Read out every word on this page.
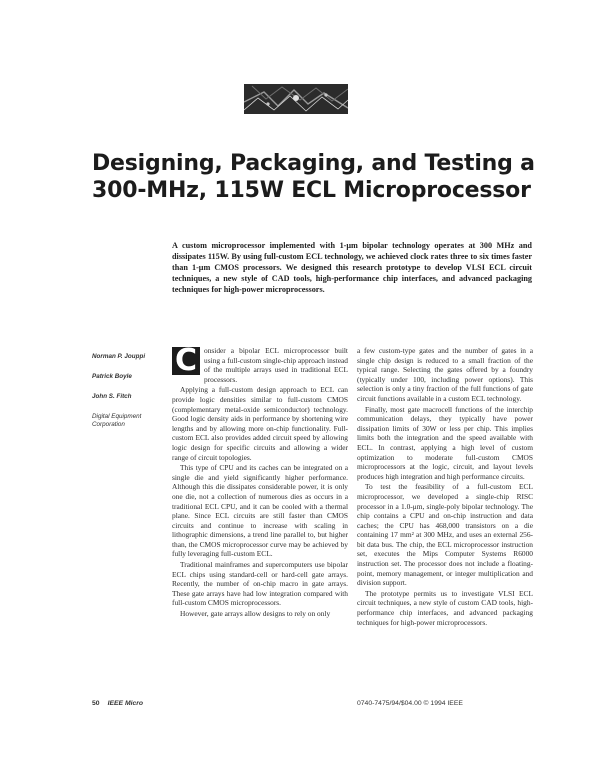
Designing, Packaging, and Testing a
300-MHz, 115W ECL Microprocessor
A custom microprocessor implemented with 1-μm bipolar technology operates at 300 MHz and dissipates 115W. By using full-custom ECL technology, we achieved clock rates three to six times faster than 1-μm CMOS processors. We designed this research prototype to develop VLSI ECL circuit techniques, a new style of CAD tools, high-performance chip interfaces, and advanced packaging techniques for high-power microprocessors.
Norman P. Jouppi
Patrick Boyle
John S. Fitch
Digital Equipment Corporation

C onsider a bipolar ECL microprocessor built using a full-custom single-chip approach instead of the multiple arrays used in traditional ECL processors.

Applying a full-custom design approach to ECL can provide logic densities similar to full-custom CMOS (complementary metal-oxide semiconductor) technology. Good logic density aids in performance by shortening wire lengths and by allowing more on-chip functionality. Full-custom ECL also provides added circuit speed by allowing logic design for specific circuits and allowing a wider range of circuit topologies.

This type of CPU and its caches can be integrated on a single die and yield significantly higher performance. Although this die dissipates considerable power, it is only one die, not a collection of numerous dies as occurs in a traditional ECL CPU, and it can be cooled with a thermal plane. Since ECL circuits are still faster than CMOS circuits and continue to increase with scaling in lithographic dimensions, a trend line parallel to, but higher than, the CMOS microprocessor curve may be achieved by fully leveraging full-custom ECL.

Traditional mainframes and supercomputers use bipolar ECL chips using standard-cell or hard-cell gate arrays. Recently, the number of on-chip macro in gate arrays. These gate arrays have had low integration compared with full-custom CMOS microprocessors.

However, gate arrays allow designs to rely on only

a few custom-type gates and the number of gates in a single chip design is reduced to a small fraction of the typical range. Selecting the gates offered by a foundry (typically under 100, including power options). This selection is only a tiny fraction of the full functions of gate circuit functions available in a custom ECL technology.

Finally, most gate macrocell functions of the interchip communication delays, they typically have power dissipation limits of 30W or less per chip. This implies limits both the integration and the speed available with ECL. In contrast, applying a high level of custom optimization to moderate full-custom CMOS microprocessors at the logic, circuit, and layout levels produces high integration and high performance circuits.

To test the feasibility of a full-custom ECL microprocessor, we developed a single-chip RISC processor in a 1.0-μm, single-poly bipolar technology. The chip contains a CPU and on-chip instruction and data caches; the CPU has 468,000 transistors on a die containing 17 mm² at 300 MHz, and uses an external 256-bit data bus. The chip, the ECL microprocessor instruction set, executes the Mips Computer Systems R6000 instruction set. The processor does not include a floating-point, memory management, or integer multiplication and division support.

The prototype permits us to investigate VLSI ECL circuit techniques, a new style of custom CAD tools, high-performance chip interfaces, and advanced packaging techniques for high-power microprocessors.

50 IEEE Micro	0740-7475/94/$04.00 © 1994 IEEE
